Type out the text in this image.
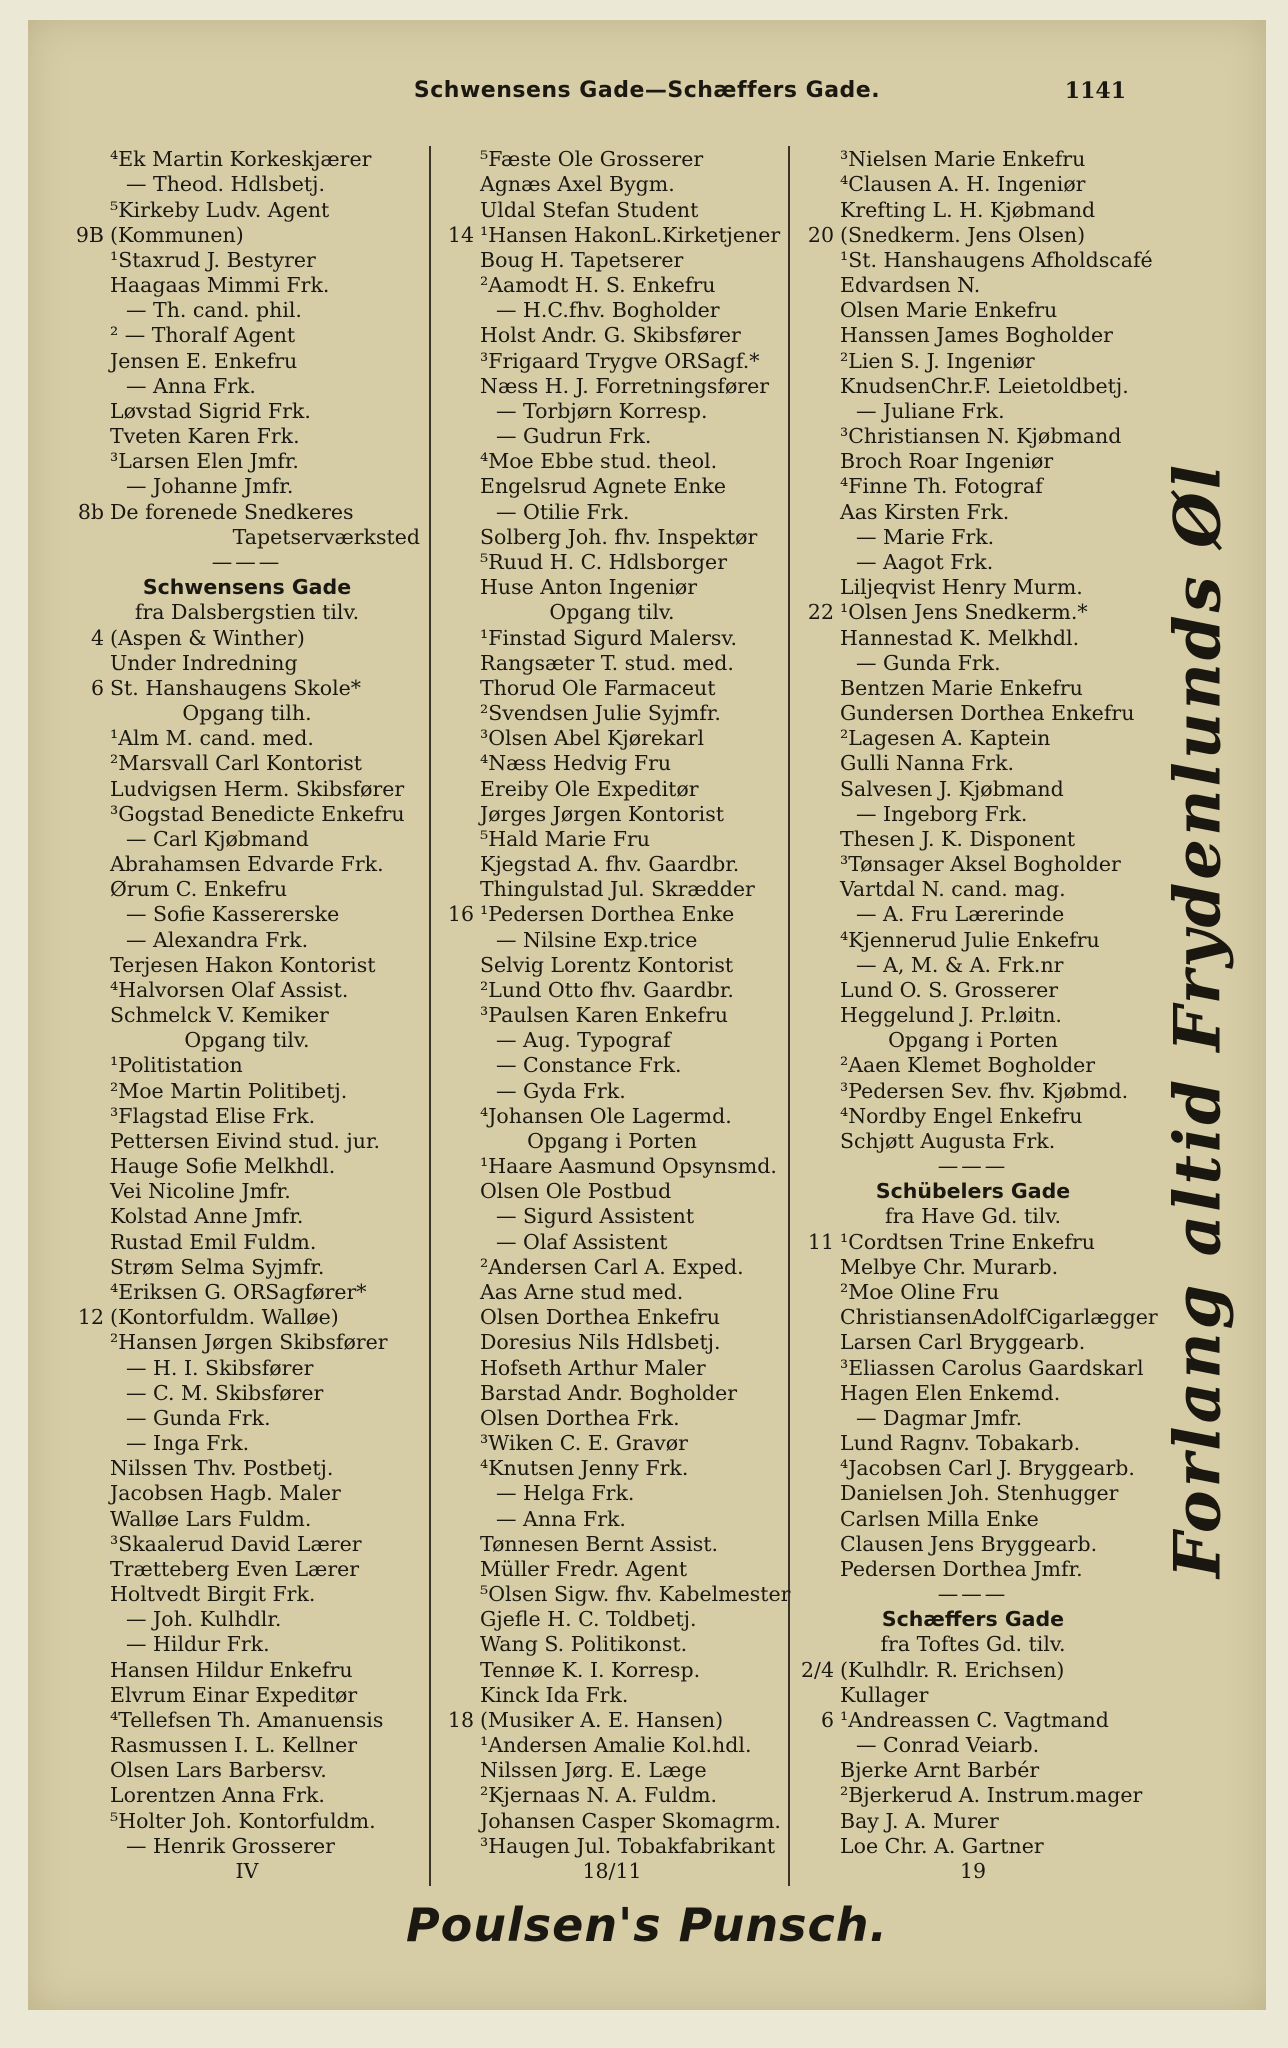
Schwensens Gade—Schæffers Gade.	1141
⁴Ek Martin Korkeskjærer
— Theod. Hdlsbetj.
⁵Kirkeby Ludv. Agent
9B (Kommunen)
¹Staxrud J. Bestyrer
Haagaas Mimmi Frk.
— Th. cand. phil.
² — Thoralf Agent
Jensen E. Enkefru
— Anna Frk.
Løvstad Sigrid Frk.
Tveten Karen Frk.
³Larsen Elen Jmfr.
— Johanne Jmfr.
8b De forenede Snedkeres
Tapetserværksted
———
Schwensens Gade
fra Dalsbergstien tilv.
4 (Aspen & Winther)
Under Indredning
6 St. Hanshaugens Skole*
Opgang tilh.
¹Alm M. cand. med.
²Marsvall Carl Kontorist
Ludvigsen Herm. Skibsfører
³Gogstad Benedicte Enkefru
— Carl Kjøbmand
Abrahamsen Edvarde Frk.
Ørum C. Enkefru
— Sofie Kassererske
— Alexandra Frk.
Terjesen Hakon Kontorist
⁴Halvorsen Olaf Assist.
Schmelck V. Kemiker
Opgang tilv.
¹Politistation
²Moe Martin Politibetj.
³Flagstad Elise Frk.
Pettersen Eivind stud. jur.
Hauge Sofie Melkhdl.
Vei Nicoline Jmfr.
Kolstad Anne Jmfr.
Rustad Emil Fuldm.
Strøm Selma Syjmfr.
⁴Eriksen G. ORSagfører*
12 (Kontorfuldm. Walløe)
²Hansen Jørgen Skibsfører
— H. I. Skibsfører
— C. M. Skibsfører
— Gunda Frk.
— Inga Frk.
Nilssen Thv. Postbetj.
Jacobsen Hagb. Maler
Walløe Lars Fuldm.
³Skaalerud David Lærer
Trætteberg Even Lærer
Holtvedt Birgit Frk.
— Joh. Kulhdlr.
— Hildur Frk.
Hansen Hildur Enkefru
Elvrum Einar Expeditør
⁴Tellefsen Th. Amanuensis
Rasmussen I. L. Kellner
Olsen Lars Barbersv.
Lorentzen Anna Frk.
⁵Holter Joh. Kontorfuldm.
— Henrik Grosserer
IV
⁵Fæste Ole Grosserer
Agnæs Axel Bygm.
Uldal Stefan Student
14 ¹Hansen HakonL.Kirketjener
Boug H. Tapetserer
²Aamodt H. S. Enkefru
— H.C.fhv. Bogholder
Holst Andr. G. Skibsfører
³Frigaard Trygve ORSagf.*
Næss H. J. Forretningsfører
— Torbjørn Korresp.
— Gudrun Frk.
⁴Moe Ebbe stud. theol.
Engelsrud Agnete Enke
— Otilie Frk.
Solberg Joh. fhv. Inspektør
⁵Ruud H. C. Hdlsborger
Huse Anton Ingeniør
Opgang tilv.
¹Finstad Sigurd Malersv.
Rangsæter T. stud. med.
Thorud Ole Farmaceut
²Svendsen Julie Syjmfr.
³Olsen Abel Kjørekarl
⁴Næss Hedvig Fru
Ereiby Ole Expeditør
Jørges Jørgen Kontorist
⁵Hald Marie Fru
Kjegstad A. fhv. Gaardbr.
Thingulstad Jul. Skrædder
16 ¹Pedersen Dorthea Enke
— Nilsine Exp.trice
Selvig Lorentz Kontorist
²Lund Otto fhv. Gaardbr.
³Paulsen Karen Enkefru
— Aug. Typograf
— Constance Frk.
— Gyda Frk.
⁴Johansen Ole Lagermd.
Opgang i Porten
¹Haare Aasmund Opsynsmd.
Olsen Ole Postbud
— Sigurd Assistent
— Olaf Assistent
²Andersen Carl A. Exped.
Aas Arne stud med.
Olsen Dorthea Enkefru
Doresius Nils Hdlsbetj.
Hofseth Arthur Maler
Barstad Andr. Bogholder
Olsen Dorthea Frk.
³Wiken C. E. Gravør
⁴Knutsen Jenny Frk.
— Helga Frk.
— Anna Frk.
Tønnesen Bernt Assist.
Müller Fredr. Agent
⁵Olsen Sigw. fhv. Kabelmester
Gjefle H. C. Toldbetj.
Wang S. Politikonst.
Tennøe K. I. Korresp.
Kinck Ida Frk.
18 (Musiker A. E. Hansen)
¹Andersen Amalie Kol.hdl.
Nilssen Jørg. E. Læge
²Kjernaas N. A. Fuldm.
Johansen Casper Skomagrm.
³Haugen Jul. Tobakfabrikant
18/11
³Nielsen Marie Enkefru
⁴Clausen A. H. Ingeniør
Krefting L. H. Kjøbmand
20 (Snedkerm. Jens Olsen)
¹St. Hanshaugens Afholdscafé
Edvardsen N.
Olsen Marie Enkefru
Hanssen James Bogholder
²Lien S. J. Ingeniør
KnudsenChr.F. Leietoldbetj.
— Juliane Frk.
³Christiansen N. Kjøbmand
Broch Roar Ingeniør
⁴Finne Th. Fotograf
Aas Kirsten Frk.
— Marie Frk.
— Aagot Frk.
Liljeqvist Henry Murm.
22 ¹Olsen Jens Snedkerm.*
Hannestad K. Melkhdl.
— Gunda Frk.
Bentzen Marie Enkefru
Gundersen Dorthea Enkefru
²Lagesen A. Kaptein
Gulli Nanna Frk.
Salvesen J. Kjøbmand
— Ingeborg Frk.
Thesen J. K. Disponent
³Tønsager Aksel Bogholder
Vartdal N. cand. mag.
— A. Fru Lærerinde
⁴Kjennerud Julie Enkefru
— A, M. & A. Frk.nr
Lund O. S. Grosserer
Heggelund J. Pr.løitn.
Opgang i Porten
²Aaen Klemet Bogholder
³Pedersen Sev. fhv. Kjøbmd.
⁴Nordby Engel Enkefru
Schjøtt Augusta Frk.
———
Schübelers Gade
fra Have Gd. tilv.
11 ¹Cordtsen Trine Enkefru
Melbye Chr. Murarb.
²Moe Oline Fru
ChristiansenAdolfCigarlægger
Larsen Carl Bryggearb.
³Eliassen Carolus Gaardskarl
Hagen Elen Enkemd.
— Dagmar Jmfr.
Lund Ragnv. Tobakarb.
⁴Jacobsen Carl J. Bryggearb.
Danielsen Joh. Stenhugger
Carlsen Milla Enke
Clausen Jens Bryggearb.
Pedersen Dorthea Jmfr.
———
Schæffers Gade
fra Toftes Gd. tilv.
2/4 (Kulhdlr. R. Erichsen)
Kullager
6 ¹Andreassen C. Vagtmand
— Conrad Veiarb.
Bjerke Arnt Barbér
²Bjerkerud A. Instrum.mager
Bay J. A. Murer
Loe Chr. A. Gartner
19
Forlang altid Frydenlunds Øl
Poulsen's Punsch.
